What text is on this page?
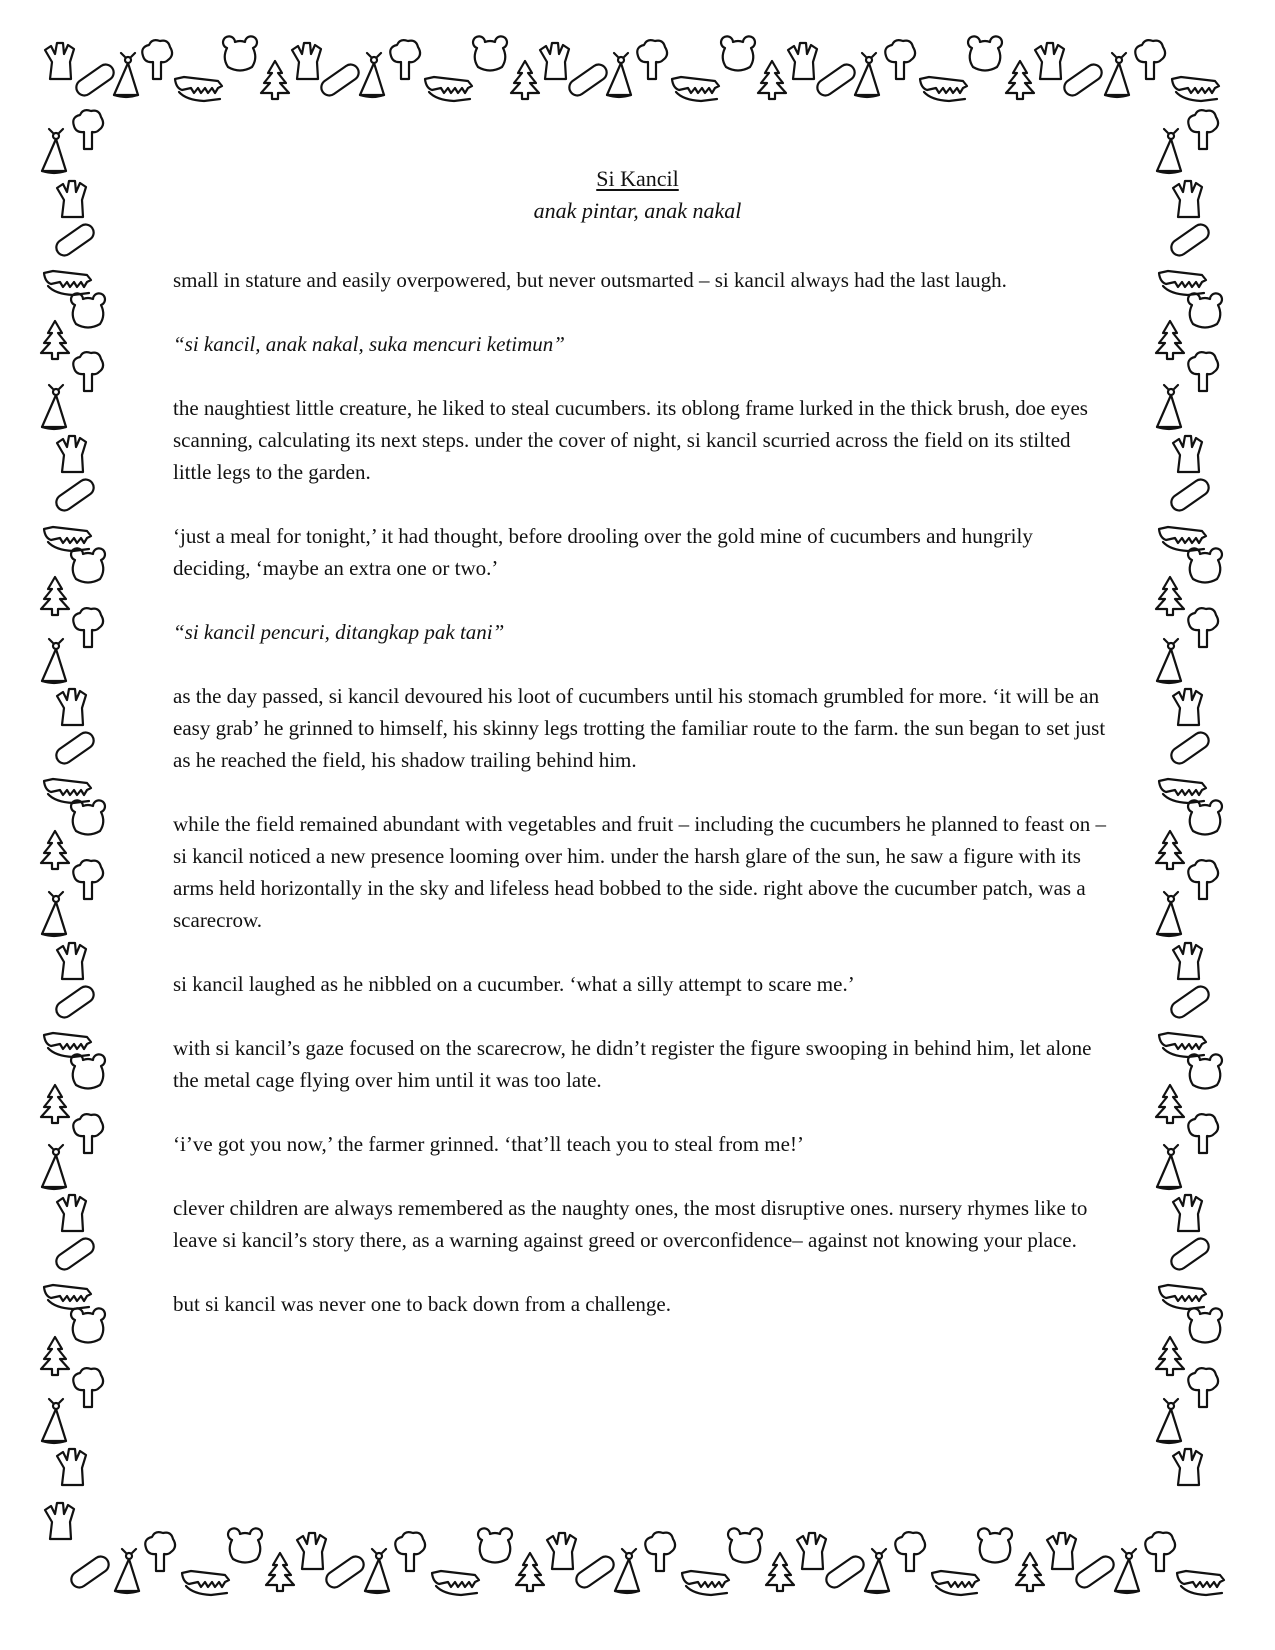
Si Kancil
anak pintar, anak nakal

small in stature and easily overpowered, but never outsmarted – si kancil always had the last laugh.

“si kancil, anak nakal, suka mencuri ketimun”

the naughtiest little creature, he liked to steal cucumbers. its oblong frame lurked in the thick brush, doe eyes scanning, calculating its next steps. under the cover of night, si kancil scurried across the field on its stilted little legs to the garden.

‘just a meal for tonight,’ it had thought, before drooling over the gold mine of cucumbers and hungrily deciding, ‘maybe an extra one or two.’

“si kancil pencuri, ditangkap pak tani”

as the day passed, si kancil devoured his loot of cucumbers until his stomach grumbled for more. ‘it will be an easy grab’ he grinned to himself, his skinny legs trotting the familiar route to the farm. the sun began to set just as he reached the field, his shadow trailing behind him.

while the field remained abundant with vegetables and fruit – including the cucumbers he planned to feast on – si kancil noticed a new presence looming over him. under the harsh glare of the sun, he saw a figure with its arms held horizontally in the sky and lifeless head bobbed to the side. right above the cucumber patch, was a scarecrow.

si kancil laughed as he nibbled on a cucumber. ‘what a silly attempt to scare me.’

with si kancil’s gaze focused on the scarecrow, he didn’t register the figure swooping in behind him, let alone the metal cage flying over him until it was too late.

‘i’ve got you now,’ the farmer grinned. ‘that’ll teach you to steal from me!’

clever children are always remembered as the naughty ones, the most disruptive ones. nursery rhymes like to leave si kancil’s story there, as a warning against greed or overconfidence– against not knowing your place.

but si kancil was never one to back down from a challenge.
